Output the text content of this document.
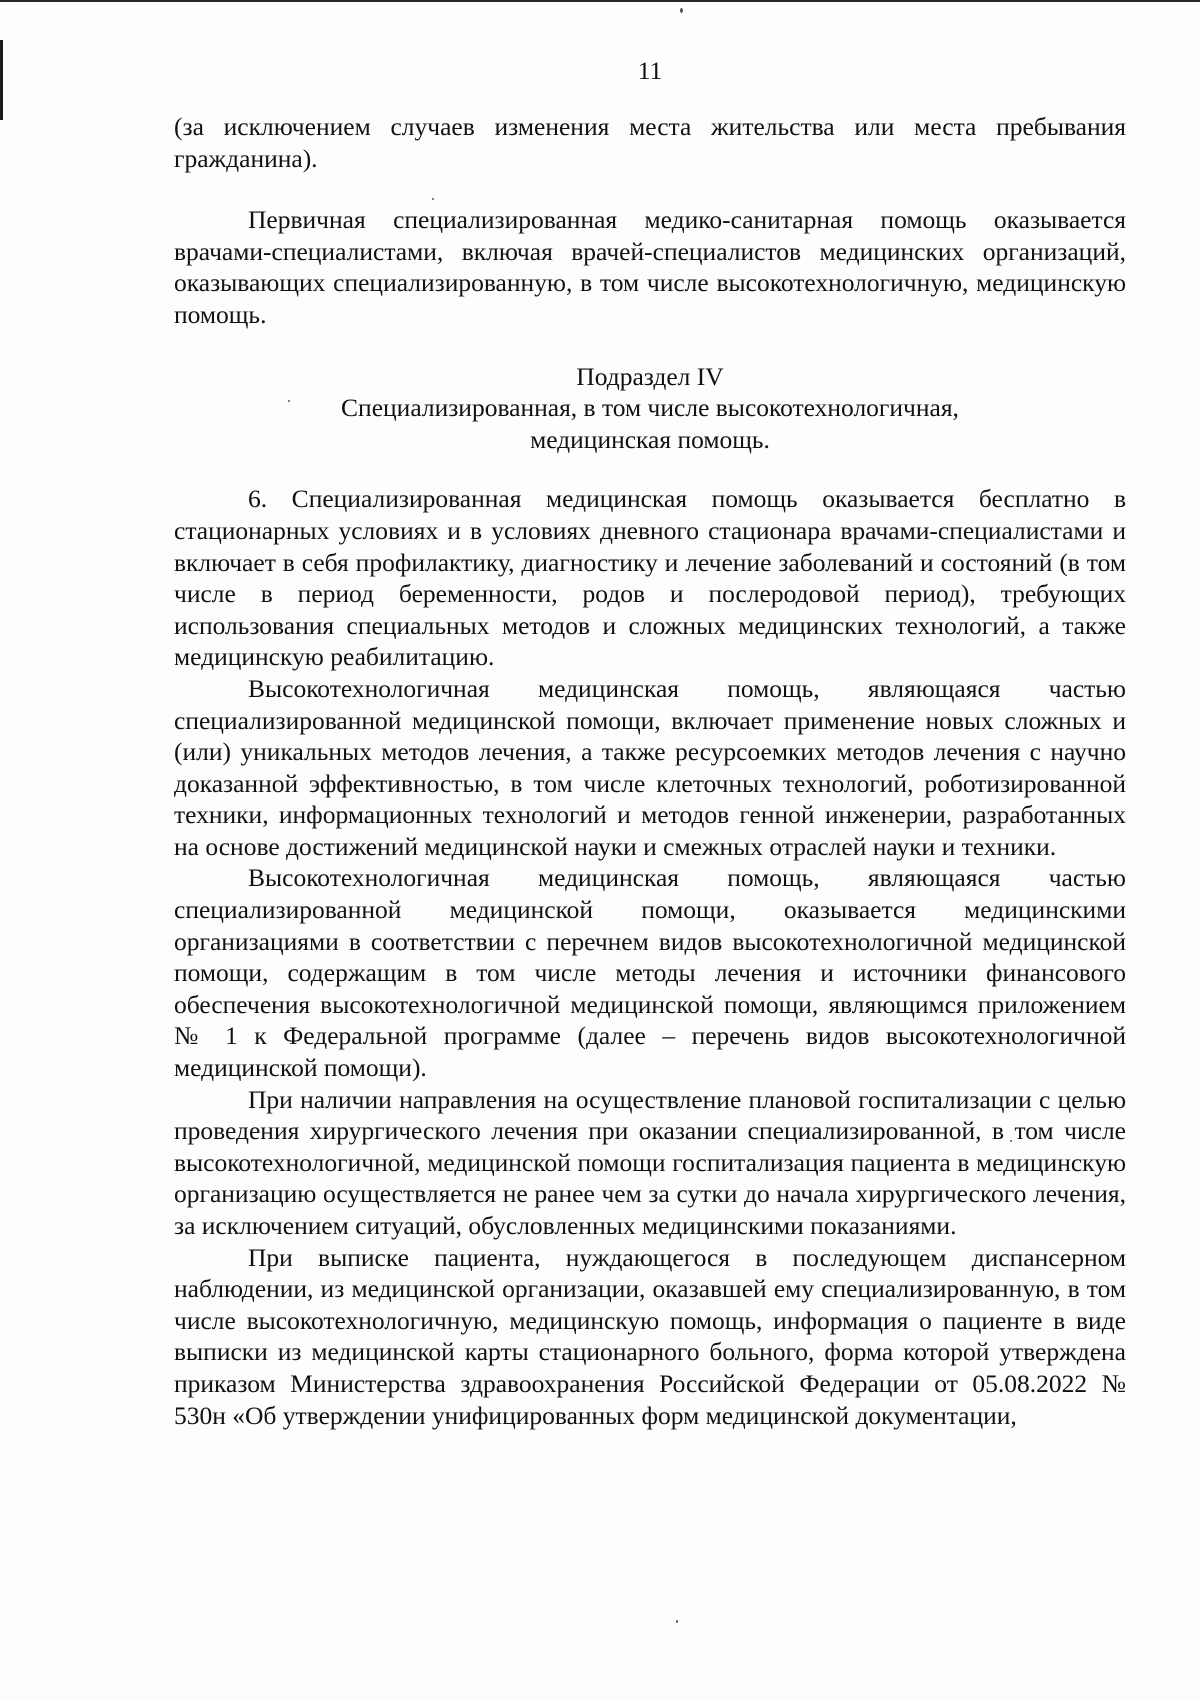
11

(за исключением случаев изменения места жительства или места пребывания гражданина).

Первичная специализированная медико-санитарная помощь оказывается врачами-специалистами, включая врачей-специалистов медицинских организаций, оказывающих специализированную, в том числе высокотехнологичную, медицинскую помощь.

Подраздел IV

Специализированная, в том числе высокотехнологичная,

медицинская помощь.

6. Специализированная медицинская помощь оказывается бесплатно в стационарных условиях и в условиях дневного стационара врачами-специалистами и включает в себя профилактику, диагностику и лечение заболеваний и состояний (в том числе в период беременности, родов и послеродовой период), требующих использования специальных методов и сложных медицинских технологий, а также медицинскую реабилитацию.

Высокотехнологичная медицинская помощь, являющаяся частью специализированной медицинской помощи, включает применение новых сложных и (или) уникальных методов лечения, а также ресурсоемких методов лечения с научно доказанной эффективностью, в том числе клеточных технологий, роботизированной техники, информационных технологий и методов генной инженерии, разработанных на основе достижений медицинской науки и смежных отраслей науки и техники.

Высокотехнологичная медицинская помощь, являющаяся частью специализированной медицинской помощи, оказывается медицинскими организациями в соответствии с перечнем видов высокотехнологичной медицинской помощи, содержащим в том числе методы лечения и источники финансового обеспечения высокотехнологичной медицинской помощи, являющимся приложением № 1 к Федеральной программе (далее – перечень видов высокотехнологичной медицинской помощи).

При наличии направления на осуществление плановой госпитализации с целью проведения хирургического лечения при оказании специализированной, в том числе высокотехнологичной, медицинской помощи госпитализация пациента в медицинскую организацию осуществляется не ранее чем за сутки до начала хирургического лечения, за исключением ситуаций, обусловленных медицинскими показаниями.

При выписке пациента, нуждающегося в последующем диспансерном наблюдении, из медицинской организации, оказавшей ему специализированную, в том числе высокотехнологичную, медицинскую помощь, информация о пациенте в виде выписки из медицинской карты стационарного больного, форма которой утверждена приказом Министерства здравоохранения Российской Федерации от 05.08.2022 № 530н «Об утверждении унифицированных форм медицинской документации,
